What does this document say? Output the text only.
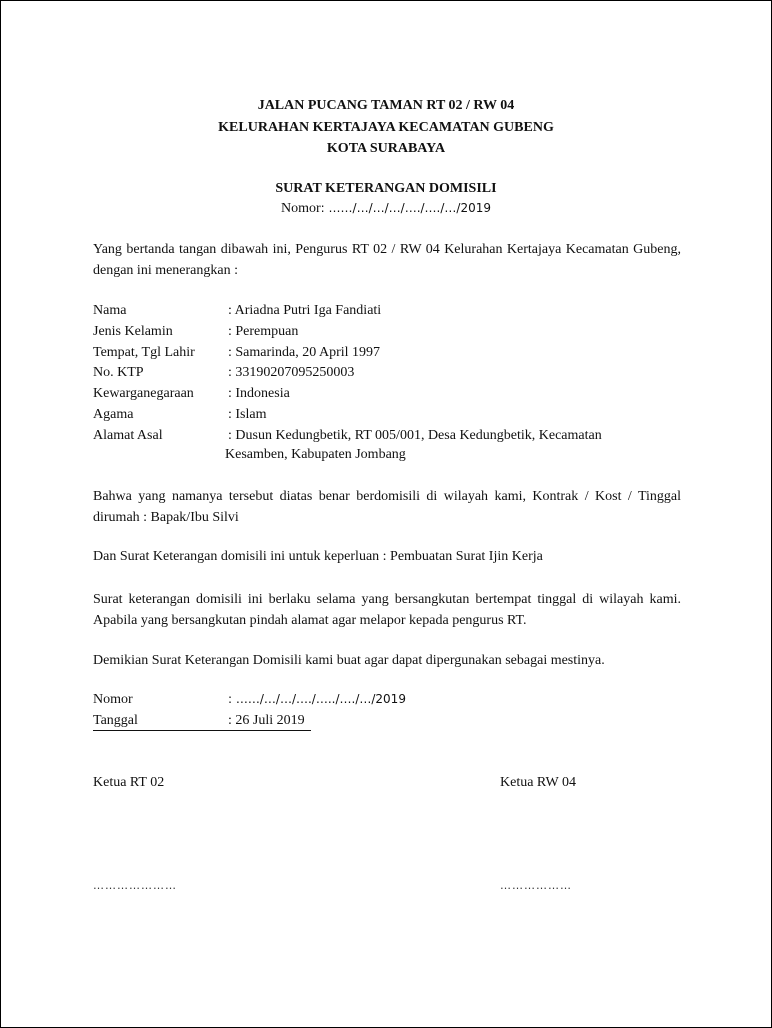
JALAN PUCANG TAMAN RT 02 / RW 04
KELURAHAN KERTAJAYA KECAMATAN GUBENG
KOTA SURABAYA
SURAT KETERANGAN DOMISILI
Nomor: ……/…/…/…/…./…./…/2019
Yang bertanda tangan dibawah ini, Pengurus RT 02 / RW 04 Kelurahan Kertajaya Kecamatan Gubeng, dengan ini menerangkan :
Nama	: Ariadna Putri Iga Fandiati
Jenis Kelamin	: Perempuan
Tempat, Tgl Lahir : Samarinda, 20 April 1997
No. KTP	: 33190207095250003
Kewarganegaraan : Indonesia
Agama	: Islam
Alamat Asal	: Dusun Kedungbetik, RT 005/001, Desa Kedungbetik, Kecamatan
Kesamben, Kabupaten Jombang
Bahwa yang namanya tersebut diatas benar berdomisili di wilayah kami, Kontrak / Kost / Tinggal dirumah : Bapak/Ibu Silvi
Dan Surat Keterangan domisili ini untuk keperluan : Pembuatan Surat Ijin Kerja
Surat keterangan domisili ini berlaku selama yang bersangkutan bertempat tinggal di wilayah kami. Apabila yang bersangkutan pindah alamat agar melapor kepada pengurus RT.
Demikian Surat Keterangan Domisili kami buat agar dapat dipergunakan sebagai mestinya.
Nomor	: ……/…/…/…./…../…./…/2019
Tanggal	: 26 Juli 2019
Ketua RT 02	Ketua RW 04
…………………	………………
